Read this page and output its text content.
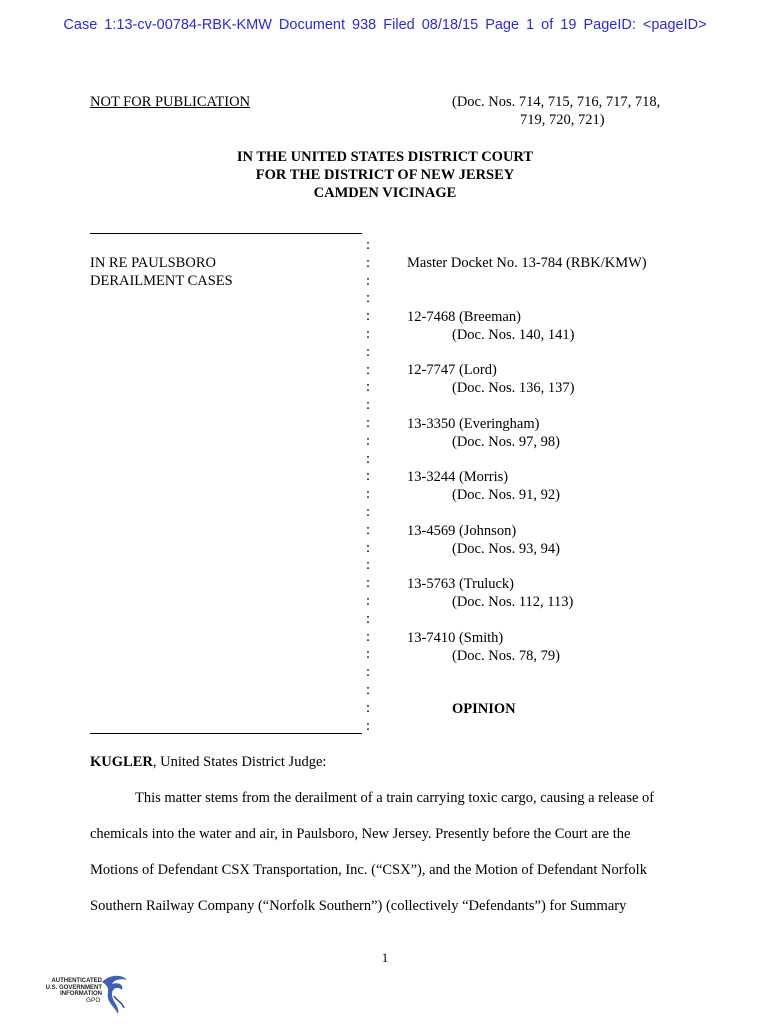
Case 1:13-cv-00784-RBK-KMW Document 938 Filed 08/18/15 Page 1 of 19 PageID: <pageID>
NOT FOR PUBLICATION	(Doc. Nos. 714, 715, 716, 717, 718,
719, 720, 721)
IN THE UNITED STATES DISTRICT COURT
FOR THE DISTRICT OF NEW JERSEY
CAMDEN VICINAGE
:
:
:
:
:
:
:
:
:
:
:
:
:
:
:
:
:
:
:
:
:
:
:
:
:
:
:
:
IN RE PAULSBORO
DERAILMENT CASES
Master Docket No. 13-784 (RBK/KMW)
12-7468 (Breeman)
(Doc. Nos. 140, 141)
12-7747 (Lord)
(Doc. Nos. 136, 137)
13-3350 (Everingham)
(Doc. Nos. 97, 98)
13-3244 (Morris)
(Doc. Nos. 91, 92)
13-4569 (Johnson)
(Doc. Nos. 93, 94)
13-5763 (Truluck)
(Doc. Nos. 112, 113)
13-7410 (Smith)
(Doc. Nos. 78, 79)
OPINION
KUGLER, United States District Judge:
This matter stems from the derailment of a train carrying toxic cargo, causing a release of
chemicals into the water and air, in Paulsboro, New Jersey. Presently before the Court are the
Motions of Defendant CSX Transportation, Inc. (“CSX”), and the Motion of Defendant Norfolk
Southern Railway Company (“Norfolk Southern”) (collectively “Defendants”) for Summary
1
AUTHENTICATED
U.S. GOVERNMENT
INFORMATION
GPO
